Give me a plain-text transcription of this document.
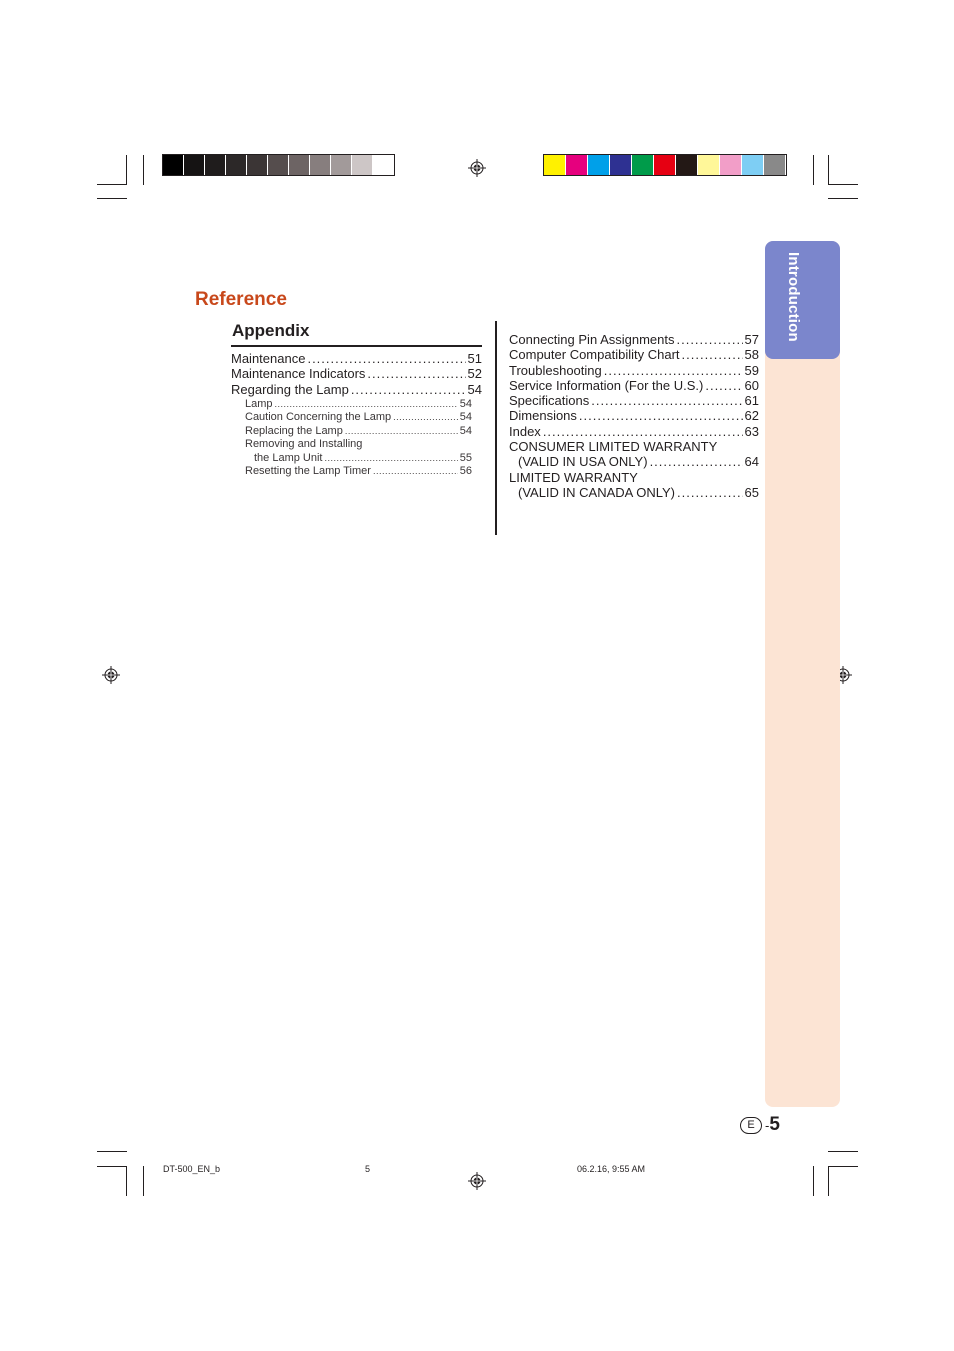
Introduction
Reference
Appendix
Maintenance .....	51
Maintenance Indicators .....	52
Regarding the Lamp .....	54
Lamp .....	54
Caution Concerning the Lamp .....	54
Replacing the Lamp .....	54
Removing and Installing
the Lamp Unit .....	55
Resetting the Lamp Timer .....	56
Connecting Pin Assignments .....	57
Computer Compatibility Chart .....	58
Troubleshooting .....	59
Service Information (For the U.S.) .....	60
Specifications .....	61
Dimensions .....	62
Index .....	63
CONSUMER LIMITED WARRANTY
(VALID IN USA ONLY) .....	64
LIMITED WARRANTY
(VALID IN CANADA ONLY) .....	65
E - 5
DT-500_EN_b	5	06.2.16, 9:55 AM
